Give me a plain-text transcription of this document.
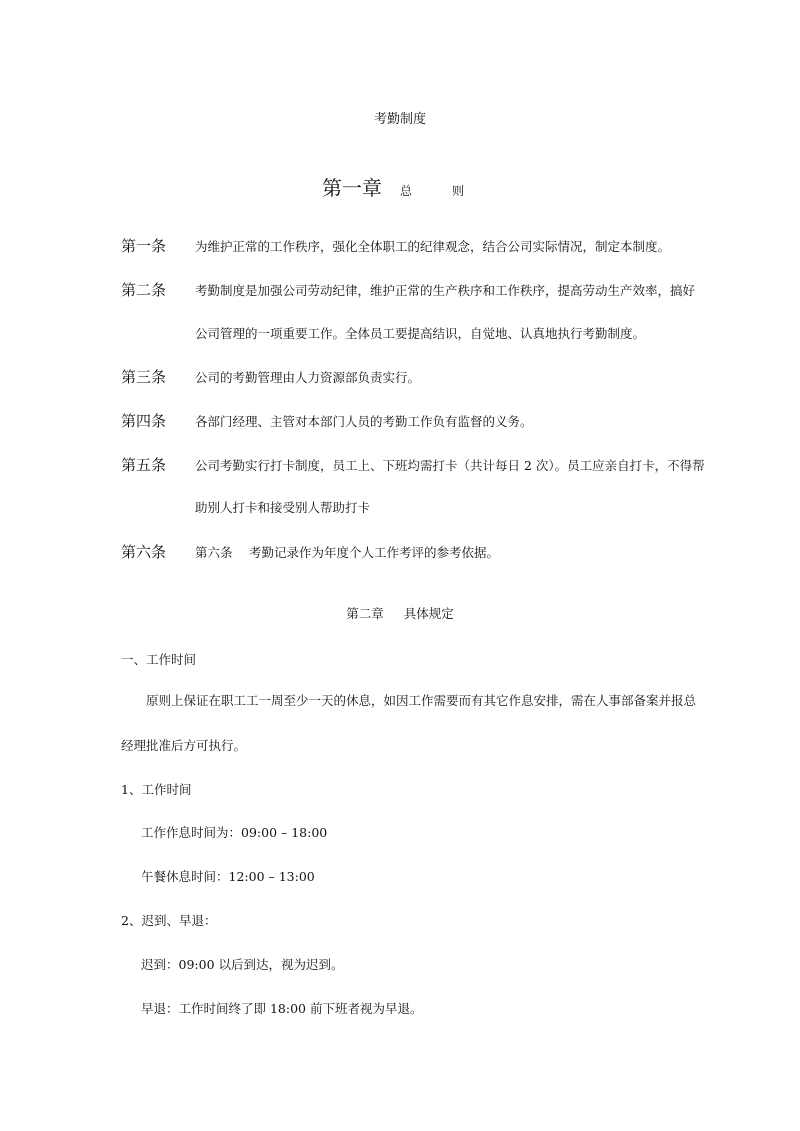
考勤制度
第一章 总　则
第一条 为维护正常的工作秩序，强化全体职工的纪律观念，结合公司实际情况，制定本制度。
第二条 考勤制度是加强公司劳动纪律，维护正常的生产秩序和工作秩序，提高劳动生产效率，搞好
公司管理的一项重要工作。全体员工要提高结识，自觉地、认真地执行考勤制度。
第三条 公司的考勤管理由人力资源部负责实行。
第四条 各部门经理、主管对本部门人员的考勤工作负有监督的义务。
第五条 公司考勤实行打卡制度，员工上、下班均需打卡（共计每日 2 次）。员工应亲自打卡，不得帮
助别人打卡和接受别人帮助打卡
第六条 第六条　 考勤记录作为年度个人工作考评的参考依据。
第二章 具体规定
一、工作时间
原则上保证在职工工一周至少一天的休息，如因工作需要而有其它作息安排，需在人事部备案并报总
经理批准后方可执行。
1、工作时间
工作作息时间为：09:00 – 18:00
午餐休息时间：12:00 – 13:00
2、迟到、早退：
迟到：09:00 以后到达，视为迟到。
早退：工作时间终了即 18:00 前下班者视为早退。
